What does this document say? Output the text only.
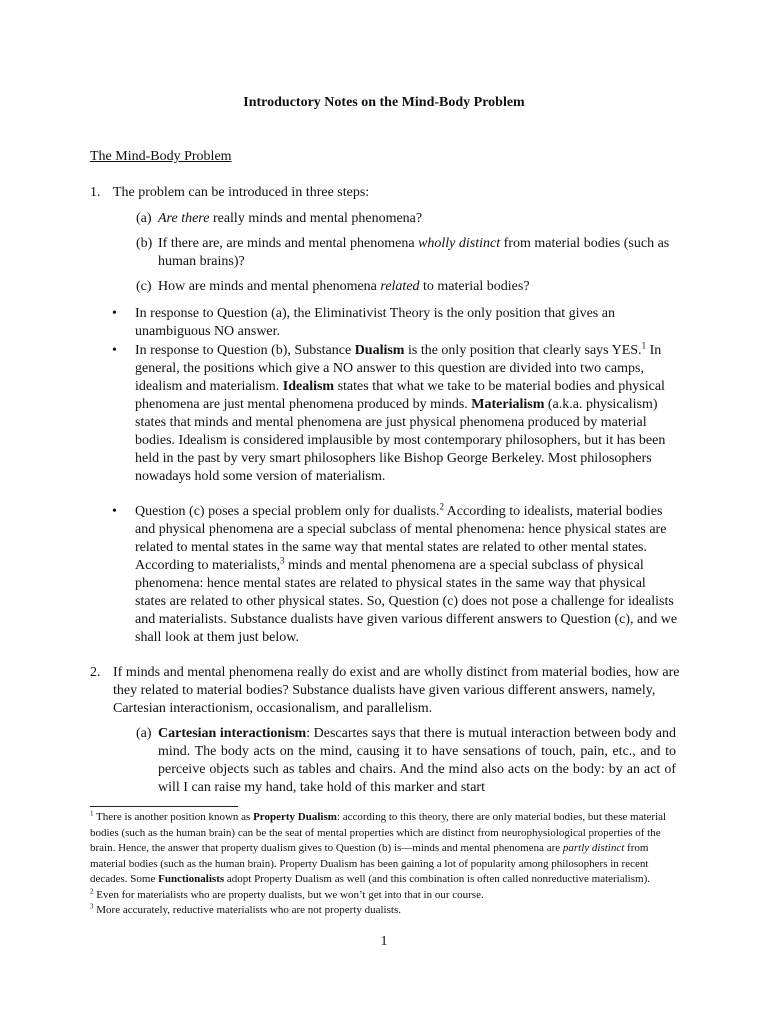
Introductory Notes on the Mind-Body Problem
The Mind-Body Problem
1. The problem can be introduced in three steps:
(a) Are there really minds and mental phenomena?
(b) If there are, are minds and mental phenomena wholly distinct from material bodies (such as human brains)?
(c) How are minds and mental phenomena related to material bodies?
• In response to Question (a), the Eliminativist Theory is the only position that gives an unambiguous NO answer.
• In response to Question (b), Substance Dualism is the only position that clearly says YES.$^1$ In general, the positions which give a NO answer to this question are divided into two camps, idealism and materialism. Idealism states that what we take to be material bodies and physical phenomena are just mental phenomena produced by minds. Materialism (a.k.a. physicalism) states that minds and mental phenomena are just physical phenomena produced by material bodies. Idealism is considered implausible by most contemporary philosophers, but it has been held in the past by very smart philosophers like Bishop George Berkeley. Most philosophers nowadays hold some version of materialism.
• Question (c) poses a special problem only for dualists.$^2$ According to idealists, material bodies and physical phenomena are a special subclass of mental phenomena: hence physical states are related to mental states in the same way that mental states are related to other mental states. According to materialists,$^3$ minds and mental phenomena are a special subclass of physical phenomena: hence mental states are related to physical states in the same way that physical states are related to other physical states. So, Question (c) does not pose a challenge for idealists and materialists. Substance dualists have given various different answers to Question (c), and we shall look at them just below.
2. If minds and mental phenomena really do exist and are wholly distinct from material bodies, how are they related to material bodies? Substance dualists have given various different answers, namely, Cartesian interactionism, occasionalism, and parallelism.
(a) Cartesian interactionism: Descartes says that there is mutual interaction between body and mind. The body acts on the mind, causing it to have sensations of touch, pain, etc., and to perceive objects such as tables and chairs. And the mind also acts on the body: by an act of will I can raise my hand, take hold of this marker and start

$^1$ There is another position known as Property Dualism: according to this theory, there are only material bodies, but these material bodies (such as the human brain) can be the seat of mental properties which are distinct from neurophysiological properties of the brain. Hence, the answer that property dualism gives to Question (b) is—minds and mental phenomena are partly distinct from material bodies (such as the human brain). Property Dualism has been gaining a lot of popularity among philosophers in recent decades. Some Functionalists adopt Property Dualism as well (and this combination is often called nonreductive materialism).

$^2$ Even for materialists who are property dualists, but we won’t get into that in our course.

$^3$ More accurately, reductive materialists who are not property dualists.

1
